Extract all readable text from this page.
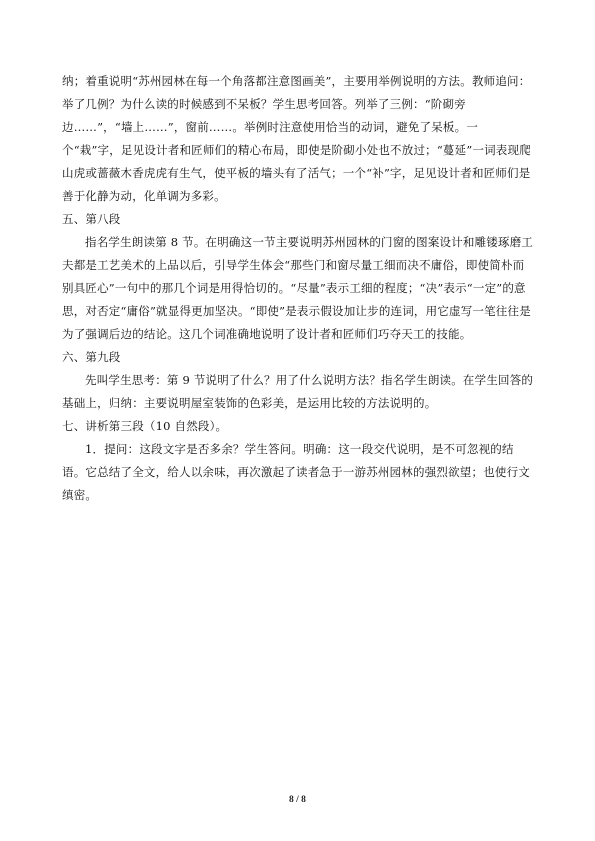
纳；着重说明“苏州园林在每一个角落都注意图画美”，主要用举例说明的方法。教师追问：举了几例？为什么读的时候感到不呆板？学生思考回答。列举了三例：“阶砌旁边……”，“墙上……”，窗前……。举例时注意使用恰当的动词，避免了呆板。一个“栽”字，足见设计者和匠师们的精心布局，即使是阶砌小处也不放过；“蔓延”一词表现爬山虎或蔷薇木香虎虎有生气，使平板的墙头有了活气；一个“补”字，足见设计者和匠师们是善于化静为动，化单调为多彩。

五、第八段

指名学生朗读第 8 节。在明确这一节主要说明苏州园林的门窗的图案设计和雕镂琢磨工夫都是工艺美术的上品以后，引导学生体会“那些门和窗尽量工细而决不庸俗，即使简朴而别具匠心”一句中的那几个词是用得恰切的。“尽量”表示工细的程度；“决”表示“一定”的意思，对否定“庸俗”就显得更加坚决。“即使”是表示假设加让步的连词，用它虚写一笔往往是为了强调后边的结论。这几个词准确地说明了设计者和匠师们巧夺天工的技能。

六、第九段

先叫学生思考：第 9 节说明了什么？用了什么说明方法？指名学生朗读。在学生回答的基础上，归纳：主要说明屋室装饰的色彩美，是运用比较的方法说明的。

七、讲析第三段（10 自然段）。

1．提问：这段文字是否多余？学生答问。明确：这一段交代说明，是不可忽视的结语。它总结了全文，给人以余味，再次激起了读者急于一游苏州园林的强烈欲望；也使行文缜密。

8 / 8
